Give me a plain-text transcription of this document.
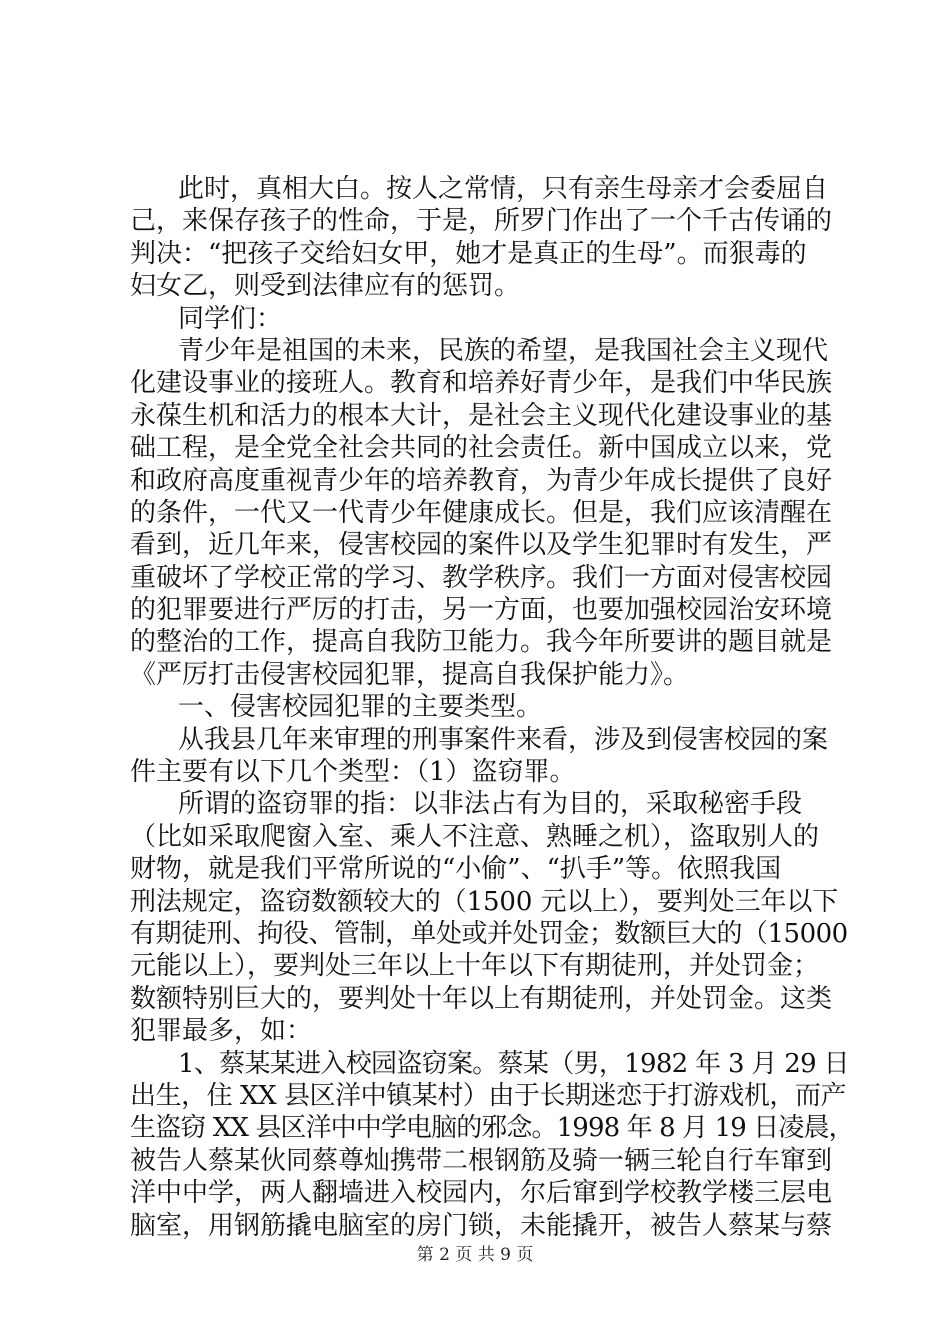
此时，真相大白。按人之常情，只有亲生母亲才会委屈自
己，来保存孩子的性命，于是，所罗门作出了一个千古传诵的
判决：“把孩子交给妇女甲，她才是真正的生母”。而狠毒的
妇女乙，则受到法律应有的惩罚。
同学们：
青少年是祖国的未来，民族的希望，是我国社会主义现代
化建设事业的接班人。教育和培养好青少年，是我们中华民族
永葆生机和活力的根本大计，是社会主义现代化建设事业的基
础工程，是全党全社会共同的社会责任。新中国成立以来，党
和政府高度重视青少年的培养教育，为青少年成长提供了良好
的条件，一代又一代青少年健康成长。但是，我们应该清醒在
看到，近几年来，侵害校园的案件以及学生犯罪时有发生，严
重破坏了学校正常的学习、教学秩序。我们一方面对侵害校园
的犯罪要进行严厉的打击，另一方面，也要加强校园治安环境
的整治的工作，提高自我防卫能力。我今年所要讲的题目就是
《严厉打击侵害校园犯罪，提高自我保护能力》。
一、侵害校园犯罪的主要类型。
从我县几年来审理的刑事案件来看，涉及到侵害校园的案
件主要有以下几个类型：（1）盗窃罪。
所谓的盗窃罪的指：以非法占有为目的，采取秘密手段
（比如采取爬窗入室、乘人不注意、熟睡之机），盗取别人的
财物，就是我们平常所说的“小偷”、“扒手”等。依照我国
刑法规定，盗窃数额较大的（1500 元以上），要判处三年以下
有期徒刑、拘役、管制，单处或并处罚金；数额巨大的（15000
元能以上），要判处三年以上十年以下有期徒刑，并处罚金；
数额特别巨大的，要判处十年以上有期徒刑，并处罚金。这类
犯罪最多，如：
1、蔡某某进入校园盗窃案。蔡某（男，1982 年 3 月 29 日
出生，住 XX 县区洋中镇某村）由于长期迷恋于打游戏机，而产
生盗窃 XX 县区洋中中学电脑的邪念。1998 年 8 月 19 日凌晨，
被告人蔡某伙同蔡尊灿携带二根钢筋及骑一辆三轮自行车窜到
洋中中学，两人翻墙进入校园内，尔后窜到学校教学楼三层电
脑室，用钢筋撬电脑室的房门锁，未能撬开，被告人蔡某与蔡
第 2 页 共 9 页
